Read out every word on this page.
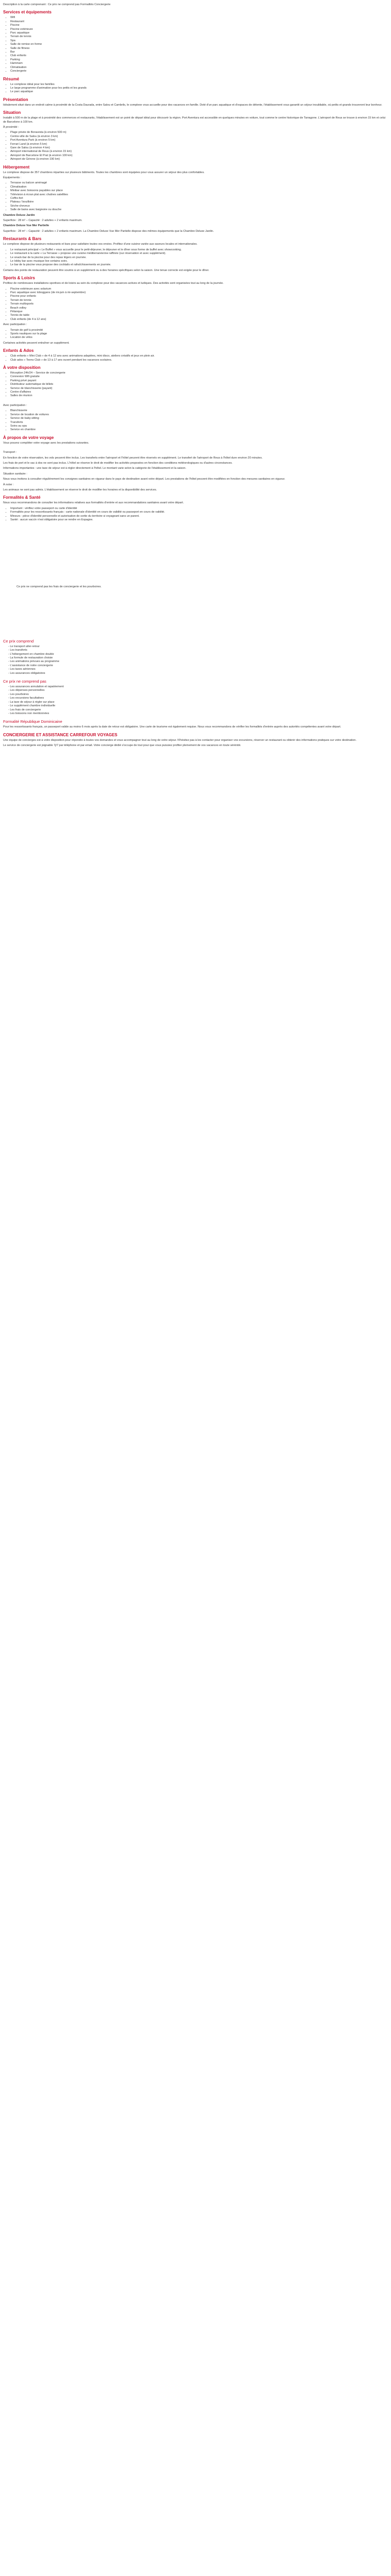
Description à la carte comprenant : Ce prix ne comprend pas Formalités Conciergerie

Services et équipements
• Wifi
• Restaurant
• Piscine
• Piscine extérieure
• Parc aquatique
• Terrain de tennis
• Spa
• Salle de remise en forme
• Salle de fitness
• Bar
• Club enfants
• Parking
• Hammam
• Climatisation
• Conciergerie
Résumé
• Le complexe idéal pour les familles
• Le large programme d'animation pour les petits et les grands
• Le parc aquatique
Présentation

Idéalement situé dans un endroit calme à proximité de la Costa Daurada, entre Salou et Cambrils, le complexe vous accueille pour des vacances en famille. Doté d'un parc aquatique et d'espaces de détente, l'établissement vous garantit un séjour inoubliable, où petits et grands trouveront leur bonheur.

Situation

Installé à 500 m de la plage et à proximité des commerces et restaurants, l'établissement est un point de départ idéal pour découvrir la région. Port Aventura est accessible en quelques minutes en voiture, tout comme le centre historique de Tarragone. L'aéroport de Reus se trouve à environ 15 km et celui de Barcelone à 100 km.

À proximité :

• Plage privée de Bonavista (à environ 500 m)
• Centre-ville de Salou (à environ 3 km)
• Port Aventura Park (à environ 5 km)
• Ferrari Land (à environ 5 km)
• Gare de Salou (à environ 4 km)
• Aéroport international de Reus (à environ 15 km)
• Aéroport de Barcelone El Prat (à environ 100 km)
• Aéroport de Gérone (à environ 190 km)
Hébergement

Le complexe dispose de 357 chambres réparties sur plusieurs bâtiments. Toutes les chambres sont équipées pour vous assurer un séjour des plus confortables.

Équipements :

• Terrasse ou balcon aménagé
• Climatisation
• Minibar avec boissons payables sur place
• Télévision à écran plat avec chaînes satellites
• Coffre-fort
• Plateau / bouilloire
• Sèche-cheveux
• Salle de bains avec baignoire ou douche

Chambre Deluxe Jardin

Superficie : 28 m² – Capacité : 2 adultes + 2 enfants maximum.

Chambre Deluxe Vue Mer Partielle

Superficie : 28 m² – Capacité : 2 adultes + 2 enfants maximum. La Chambre Deluxe Vue Mer Partielle dispose des mêmes équipements que la Chambre Deluxe Jardin.

Restaurants & Bars

Le complexe dispose de plusieurs restaurants et bars pour satisfaire toutes vos envies. Profitez d'une cuisine variée aux saveurs locales et internationales.

• Le restaurant principal « Le Buffet » vous accueille pour le petit-déjeuner, le déjeuner et le dîner sous forme de buffet avec showcooking.
• Le restaurant à la carte « La Terrasse » propose une cuisine méditerranéenne raffinée (sur réservation et avec supplément).
• Le snack-bar de la piscine pour des repas légers en journée.
• Le lobby bar avec musique live certains soirs.
• Le bar de la piscine vous propose des cocktails et rafraîchissements en journée.

Certains des points de restauration peuvent être soumis à un supplément ou à des horaires spécifiques selon la saison. Une tenue correcte est exigée pour le dîner.

Sports & Loisirs

Profitez de nombreuses installations sportives et de loisirs au sein du complexe pour des vacances actives et ludiques. Des activités sont organisées tout au long de la journée.

• Piscine extérieure avec solarium
• Parc aquatique avec toboggans (de mi-juin à mi-septembre)
• Piscine pour enfants
• Terrain de tennis
• Terrain multisports
• Beach volley
• Pétanque
• Tennis de table
• Club enfants (de 4 à 12 ans)

Avec participation :

• Terrain de golf à proximité
• Sports nautiques sur la plage
• Location de vélos

Certaines activités peuvent entraîner un supplément.

Enfants & Ados
• Club enfants « Mini Club » de 4 à 12 ans avec animations adaptées, mini disco, ateliers créatifs et jeux en plein air.
• Club ados « Teens Club » de 13 à 17 ans ouvert pendant les vacances scolaires.
À votre disposition
• Réception 24h/24 – Service de conciergerie
• Connexion Wifi gratuite
• Parking privé payant
• Distributeur automatique de billets
• Service de blanchisserie (payant)
• Centre d'affaires
• Salles de réunion

Avec participation :

• Blanchisserie
• Service de location de voitures
• Service de baby-sitting
• Transferts
• Soins au spa
• Service en chambre
À propos de votre voyage

Vous pouvez compléter votre voyage avec les prestations suivantes.

Transport :

En fonction de votre réservation, les vols peuvent être inclus. Les transferts entre l'aéroport et l'hôtel peuvent être réservés en supplément. Le transfert de l'aéroport de Reus à l'hôtel dure environ 20 minutes.

Les frais de port et le sac à dos ne sont pas inclus. L'hôtel se réserve le droit de modifier les activités proposées en fonction des conditions météorologiques ou d'autres circonstances.

Informations importantes : une taxe de séjour est à régler directement à l'hôtel. Le montant varie selon la catégorie de l'établissement et la saison.

Situation sanitaire :

Nous vous invitons à consulter régulièrement les consignes sanitaires en vigueur dans le pays de destination avant votre départ. Les prestations de l'hôtel peuvent être modifiées en fonction des mesures sanitaires en vigueur.

À noter :

Les animaux ne sont pas admis. L'établissement se réserve le droit de modifier les horaires et la disponibilité des services.

Formalités & Santé

Nous vous recommandons de consulter les informations relatives aux formalités d'entrée et aux recommandations sanitaires avant votre départ.

• Important : vérifiez votre passeport ou carte d'identité
• Formalités pour les ressortissants français : carte nationale d'identité en cours de validité ou passeport en cours de validité.
• Mineurs : pièce d'identité personnelle et autorisation de sortie du territoire si voyageant sans un parent.
• Santé : aucun vaccin n'est obligatoire pour se rendre en Espagne.

Ce prix ne comprend pas les frais de conciergerie et les pourboires.

Ce prix comprend
- Le transport aller-retour
- Les transferts
- L'hébergement en chambre double
- La formule de restauration choisie
- Les animations prévues au programme
- L'assistance de notre conciergerie
- Les taxes aériennes
- Les assurances obligatoires
Ce prix ne comprend pas
- Les assurances annulation et rapatriement
- Les dépenses personnelles
- Les pourboires
- Les excursions facultatives
- La taxe de séjour à régler sur place
- Le supplément chambre individuelle
- Les frais de conciergerie
- Les boissons non mentionnées
Formalité République Dominicaine

Pour les ressortissants français, un passeport valide au moins 6 mois après la date de retour est obligatoire. Une carte de tourisme est également requise. Nous vous recommandons de vérifier les formalités d'entrée auprès des autorités compétentes avant votre départ.

CONCIERGERIE ET ASSISTANCE CARREFOUR VOYAGES

Une équipe de concierges est à votre disposition pour répondre à toutes vos demandes et vous accompagner tout au long de votre séjour. N'hésitez pas à les contacter pour organiser vos excursions, réserver un restaurant ou obtenir des informations pratiques sur votre destination.

Le service de conciergerie est joignable 7j/7 par téléphone et par email. Votre concierge dédié s'occupe de tout pour que vous puissiez profiter pleinement de vos vacances en toute sérénité.
